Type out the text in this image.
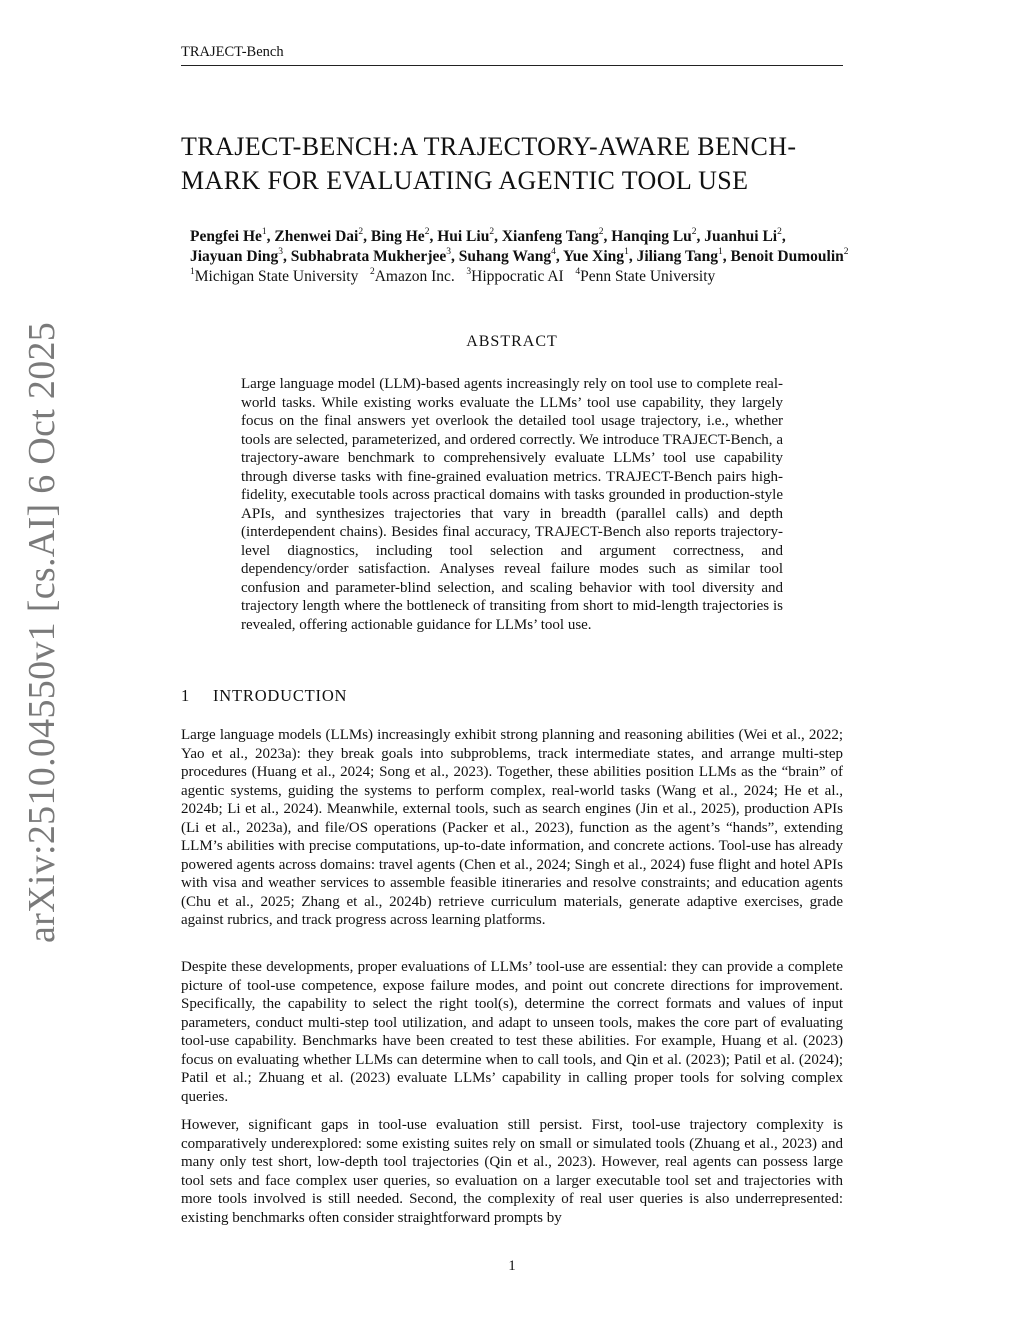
TRAJECT-Bench
arXiv:2510.04550v1 [cs.AI] 6 Oct 2025
TRAJECT-BENCH:A TRAJECTORY-AWARE BENCH-
MARK FOR EVALUATING AGENTIC TOOL USE
Pengfei He$^1$, Zhenwei Dai$^2$, Bing He$^2$, Hui Liu$^2$, Xianfeng Tang$^2$, Hanqing Lu$^2$, Juanhui Li$^2$,
Jiayuan Ding$^3$, Subhabrata Mukherjee$^3$, Suhang Wang$^4$, Yue Xing$^1$, Jiliang Tang$^1$, Benoit Dumoulin$^2$
$^1$Michigan State University $^2$Amazon Inc. $^3$Hippocratic AI $^4$Penn State University
ABSTRACT

Large language model (LLM)-based agents increasingly rely on tool use to complete real-world tasks. While existing works evaluate the LLMs’ tool use capability, they largely focus on the final answers yet overlook the detailed tool usage trajectory, i.e., whether tools are selected, parameterized, and ordered correctly. We introduce TRAJECT-Bench, a trajectory-aware benchmark to comprehensively evaluate LLMs’ tool use capability through diverse tasks with fine-grained evaluation metrics. TRAJECT-Bench pairs high-fidelity, executable tools across practical domains with tasks grounded in production-style APIs, and synthesizes trajectories that vary in breadth (parallel calls) and depth (interdependent chains). Besides final accuracy, TRAJECT-Bench also reports trajectory-level diagnostics, including tool selection and argument correctness, and dependency/order satisfaction. Analyses reveal failure modes such as similar tool confusion and parameter-blind selection, and scaling behavior with tool diversity and trajectory length where the bottleneck of transiting from short to mid-length trajectories is revealed, offering actionable guidance for LLMs’ tool use.

1 INTRODUCTION

Large language models (LLMs) increasingly exhibit strong planning and reasoning abilities (Wei et al., 2022; Yao et al., 2023a): they break goals into subproblems, track intermediate states, and arrange multi-step procedures (Huang et al., 2024; Song et al., 2023). Together, these abilities position LLMs as the “brain” of agentic systems, guiding the systems to perform complex, real-world tasks (Wang et al., 2024; He et al., 2024b; Li et al., 2024). Meanwhile, external tools, such as search engines (Jin et al., 2025), production APIs (Li et al., 2023a), and file/OS operations (Packer et al., 2023), function as the agent’s “hands”, extending LLM’s abilities with precise computations, up-to-date information, and concrete actions. Tool-use has already powered agents across domains: travel agents (Chen et al., 2024; Singh et al., 2024) fuse flight and hotel APIs with visa and weather services to assemble feasible itineraries and resolve constraints; and education agents (Chu et al., 2025; Zhang et al., 2024b) retrieve curriculum materials, generate adaptive exercises, grade against rubrics, and track progress across learning platforms.

Despite these developments, proper evaluations of LLMs’ tool-use are essential: they can provide a complete picture of tool-use competence, expose failure modes, and point out concrete directions for improvement. Specifically, the capability to select the right tool(s), determine the correct formats and values of input parameters, conduct multi-step tool utilization, and adapt to unseen tools, makes the core part of evaluating tool-use capability. Benchmarks have been created to test these abilities. For example, Huang et al. (2023) focus on evaluating whether LLMs can determine when to call tools, and Qin et al. (2023); Patil et al. (2024); Patil et al.; Zhuang et al. (2023) evaluate LLMs’ capability in calling proper tools for solving complex queries.

However, significant gaps in tool-use evaluation still persist. First, tool-use trajectory complexity is comparatively underexplored: some existing suites rely on small or simulated tools (Zhuang et al., 2023) and many only test short, low-depth tool trajectories (Qin et al., 2023). However, real agents can possess large tool sets and face complex user queries, so evaluation on a larger executable tool set and trajectories with more tools involved is still needed. Second, the complexity of real user queries is also underrepresented: existing benchmarks often consider straightforward prompts by

1
